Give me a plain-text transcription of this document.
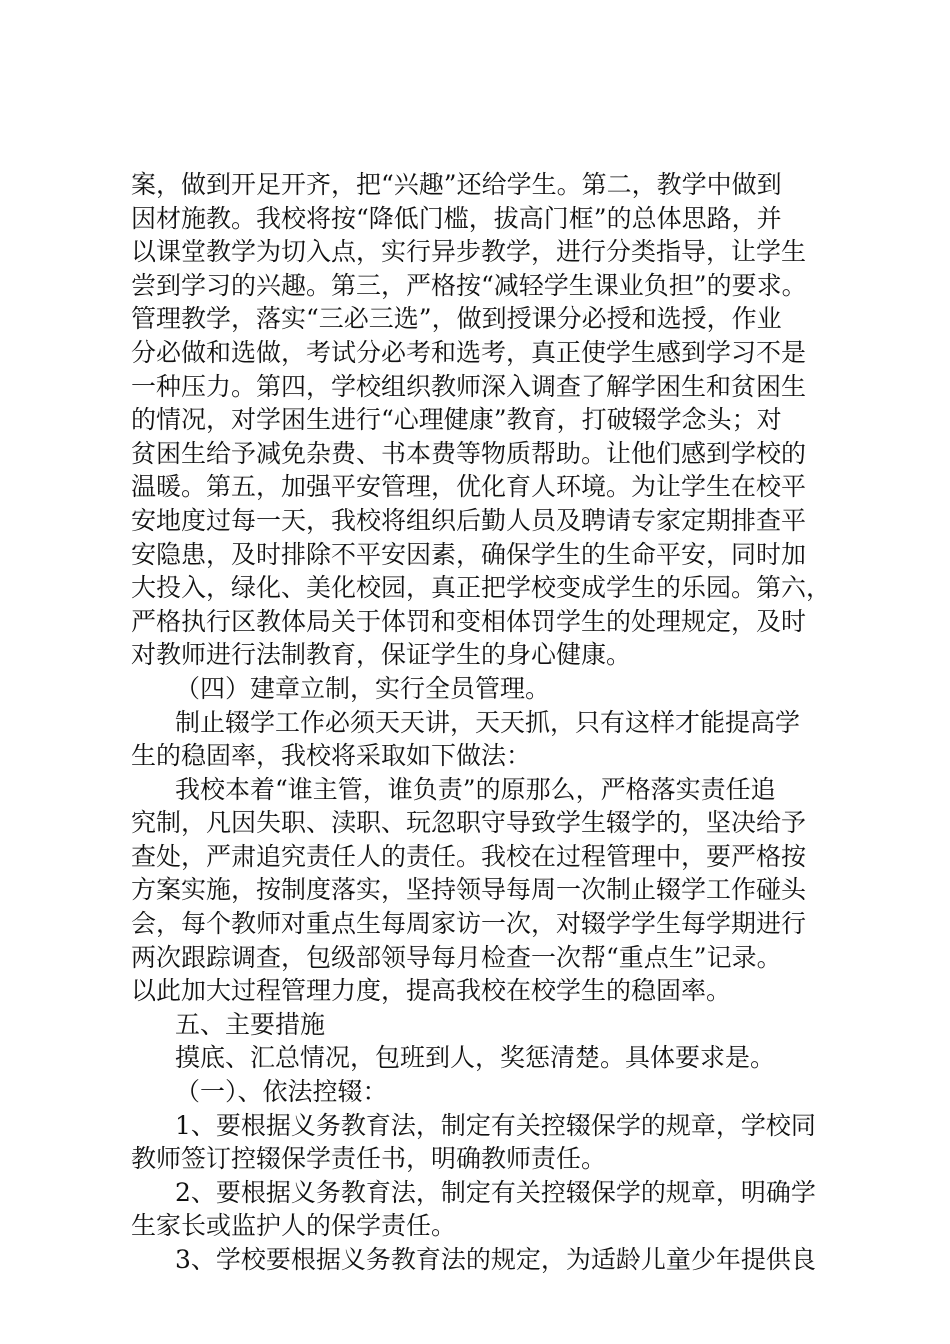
案，做到开足开齐，把“兴趣”还给学生。第二，教学中做到
因材施教。我校将按“降低门槛，拔高门框”的总体思路，并
以课堂教学为切入点，实行异步教学，进行分类指导，让学生
尝到学习的兴趣。第三，严格按“减轻学生课业负担”的要求。
管理教学，落实“三必三选”，做到授课分必授和选授，作业
分必做和选做，考试分必考和选考，真正使学生感到学习不是
一种压力。第四，学校组织教师深入调查了解学困生和贫困生
的情况，对学困生进行“心理健康”教育，打破辍学念头；对
贫困生给予减免杂费、书本费等物质帮助。让他们感到学校的
温暖。第五，加强平安管理，优化育人环境。为让学生在校平
安地度过每一天，我校将组织后勤人员及聘请专家定期排查平
安隐患，及时排除不平安因素，确保学生的生命平安，同时加
大投入，绿化、美化校园，真正把学校变成学生的乐园。第六，
严格执行区教体局关于体罚和变相体罚学生的处理规定，及时
对教师进行法制教育，保证学生的身心健康。
（四）建章立制，实行全员管理。
制止辍学工作必须天天讲，天天抓，只有这样才能提高学
生的稳固率，我校将采取如下做法：
我校本着“谁主管，谁负责”的原那么，严格落实责任追
究制，凡因失职、渎职、玩忽职守导致学生辍学的，坚决给予
查处，严肃追究责任人的责任。我校在过程管理中，要严格按
方案实施，按制度落实，坚持领导每周一次制止辍学工作碰头
会，每个教师对重点生每周家访一次，对辍学学生每学期进行
两次跟踪调查，包级部领导每月检查一次帮“重点生”记录。
以此加大过程管理力度，提高我校在校学生的稳固率。
五、主要措施
摸底、汇总情况，包班到人，奖惩清楚。具体要求是。
（一）、依法控辍：
1、要根据义务教育法，制定有关控辍保学的规章，学校同
教师签订控辍保学责任书，明确教师责任。
2、要根据义务教育法，制定有关控辍保学的规章，明确学
生家长或监护人的保学责任。
3、学校要根据义务教育法的规定，为适龄儿童少年提供良
